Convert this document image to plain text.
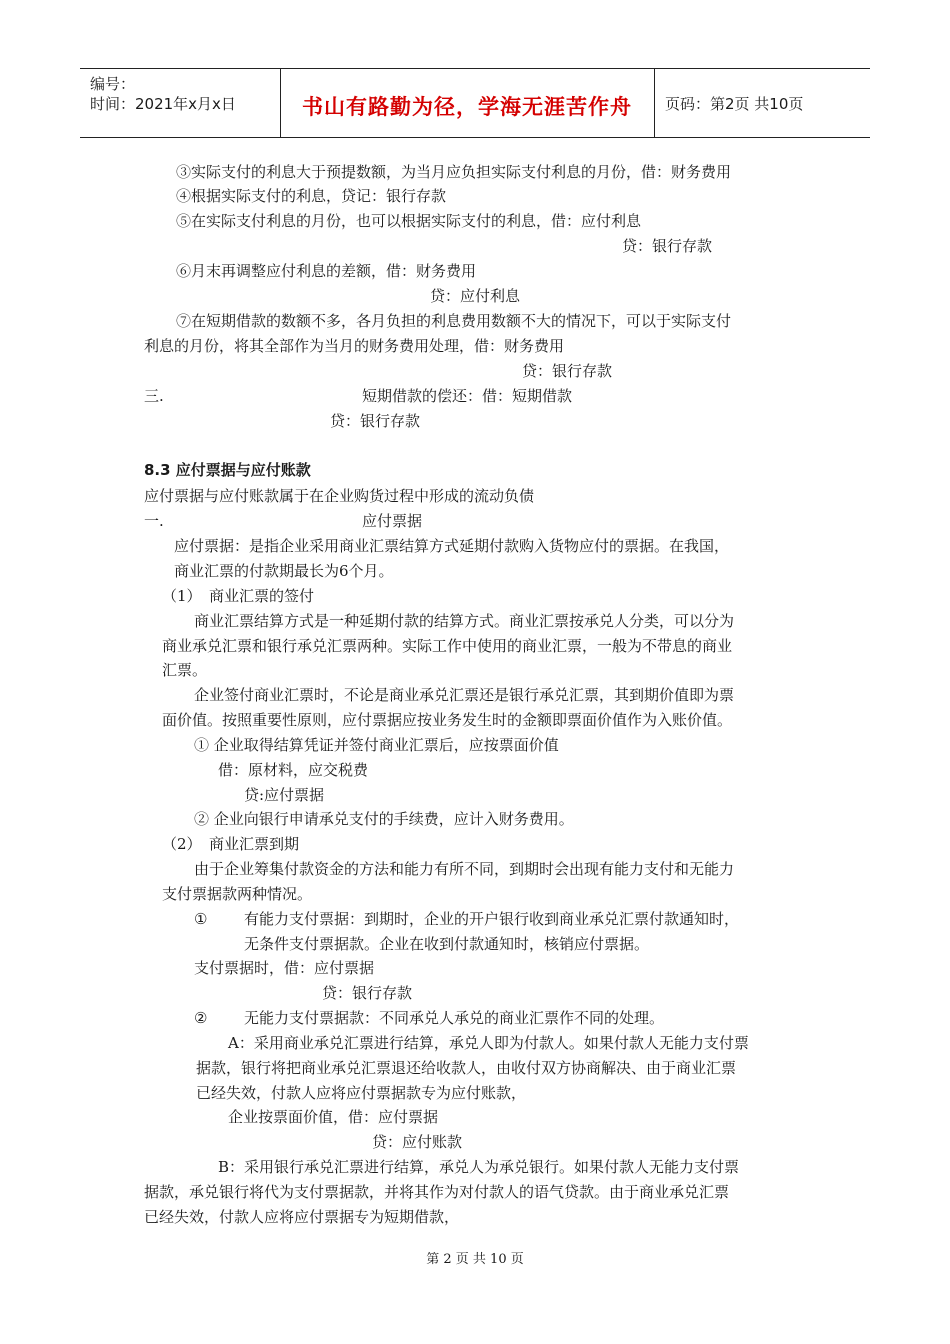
编号：
时间：2021年x月x日	书山有路勤为径，学海无涯苦作舟	页码：第2页 共10页
③实际支付的利息大于预提数额，为当月应负担实际支付利息的月份，借：财务费用
④根据实际支付的利息，贷记：银行存款
⑤在实际支付利息的月份，也可以根据实际支付的利息，借：应付利息
贷：银行存款
⑥月末再调整应付利息的差额，借：财务费用
贷：应付利息
⑦在短期借款的数额不多，各月负担的利息费用数额不大的情况下，可以于实际支付
利息的月份，将其全部作为当月的财务费用处理，借：财务费用
贷：银行存款
三.	短期借款的偿还：借：短期借款
贷：银行存款
8.3 应付票据与应付账款
应付票据与应付账款属于在企业购货过程中形成的流动负债
一.	应付票据
应付票据：是指企业采用商业汇票结算方式延期付款购入货物应付的票据。在我国，
商业汇票的付款期最长为6个月。
（1）　商业汇票的签付
商业汇票结算方式是一种延期付款的结算方式。商业汇票按承兑人分类，可以分为
商业承兑汇票和银行承兑汇票两种。实际工作中使用的商业汇票，一般为不带息的商业
汇票。
企业签付商业汇票时，不论是商业承兑汇票还是银行承兑汇票，其到期价值即为票
面价值。按照重要性原则，应付票据应按业务发生时的金额即票面价值作为入账价值。
① 企业取得结算凭证并签付商业汇票后，应按票面价值
借：原材料，应交税费
贷:应付票据
② 企业向银行申请承兑支付的手续费，应计入财务费用。
（2）　商业汇票到期
由于企业筹集付款资金的方法和能力有所不同，到期时会出现有能力支付和无能力
支付票据款两种情况。
① 有能力支付票据：到期时，企业的开户银行收到商业承兑汇票付款通知时，
无条件支付票据款。企业在收到付款通知时，核销应付票据。
支付票据时，借：应付票据
贷：银行存款
② 无能力支付票据款：不同承兑人承兑的商业汇票作不同的处理。
A：采用商业承兑汇票进行结算，承兑人即为付款人。如果付款人无能力支付票
据款，银行将把商业承兑汇票退还给收款人，由收付双方协商解决、由于商业汇票
已经失效，付款人应将应付票据款专为应付账款，
企业按票面价值，借：应付票据
贷：应付账款
B：采用银行承兑汇票进行结算，承兑人为承兑银行。如果付款人无能力支付票
据款，承兑银行将代为支付票据款，并将其作为对付款人的语气贷款。由于商业承兑汇票
已经失效，付款人应将应付票据专为短期借款，
第 2 页 共 10 页
